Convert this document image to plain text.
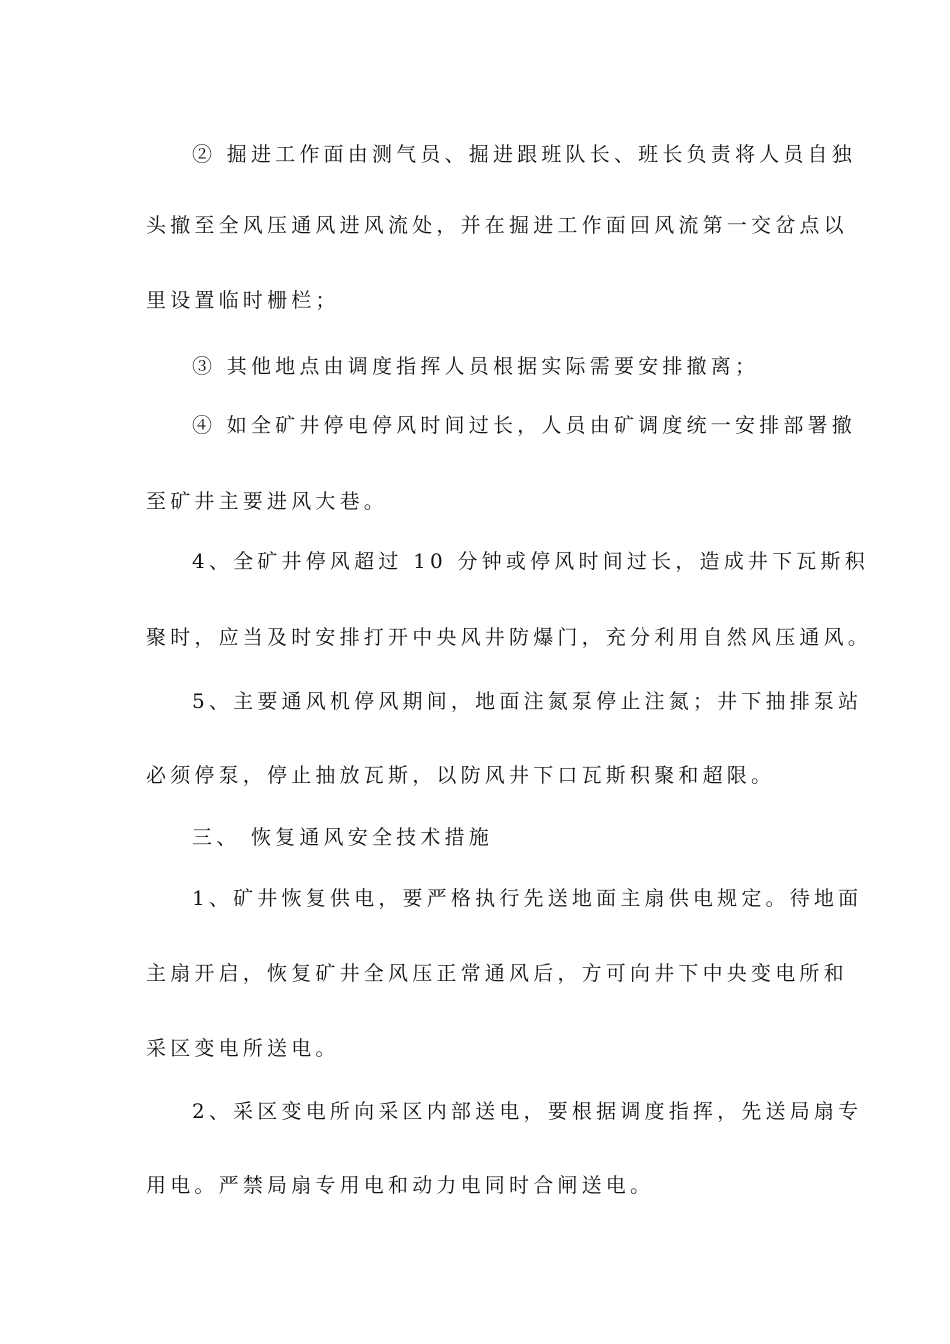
② 掘进工作面由测气员、掘进跟班队长、班长负责将人员自独
头撤至全风压通风进风流处，并在掘进工作面回风流第一交岔点以
里设置临时栅栏；
③ 其他地点由调度指挥人员根据实际需要安排撤离；
④ 如全矿井停电停风时间过长，人员由矿调度统一安排部署撤
至矿井主要进风大巷。
4、全矿井停风超过 10 分钟或停风时间过长，造成井下瓦斯积
聚时，应当及时安排打开中央风井防爆门，充分利用自然风压通风。
5、主要通风机停风期间，地面注氮泵停止注氮；井下抽排泵站
必须停泵，停止抽放瓦斯，以防风井下口瓦斯积聚和超限。
三、 恢复通风安全技术措施
1、矿井恢复供电，要严格执行先送地面主扇供电规定。待地面
主扇开启，恢复矿井全风压正常通风后，方可向井下中央变电所和
采区变电所送电。
2、采区变电所向采区内部送电，要根据调度指挥，先送局扇专
用电。严禁局扇专用电和动力电同时合闸送电。
